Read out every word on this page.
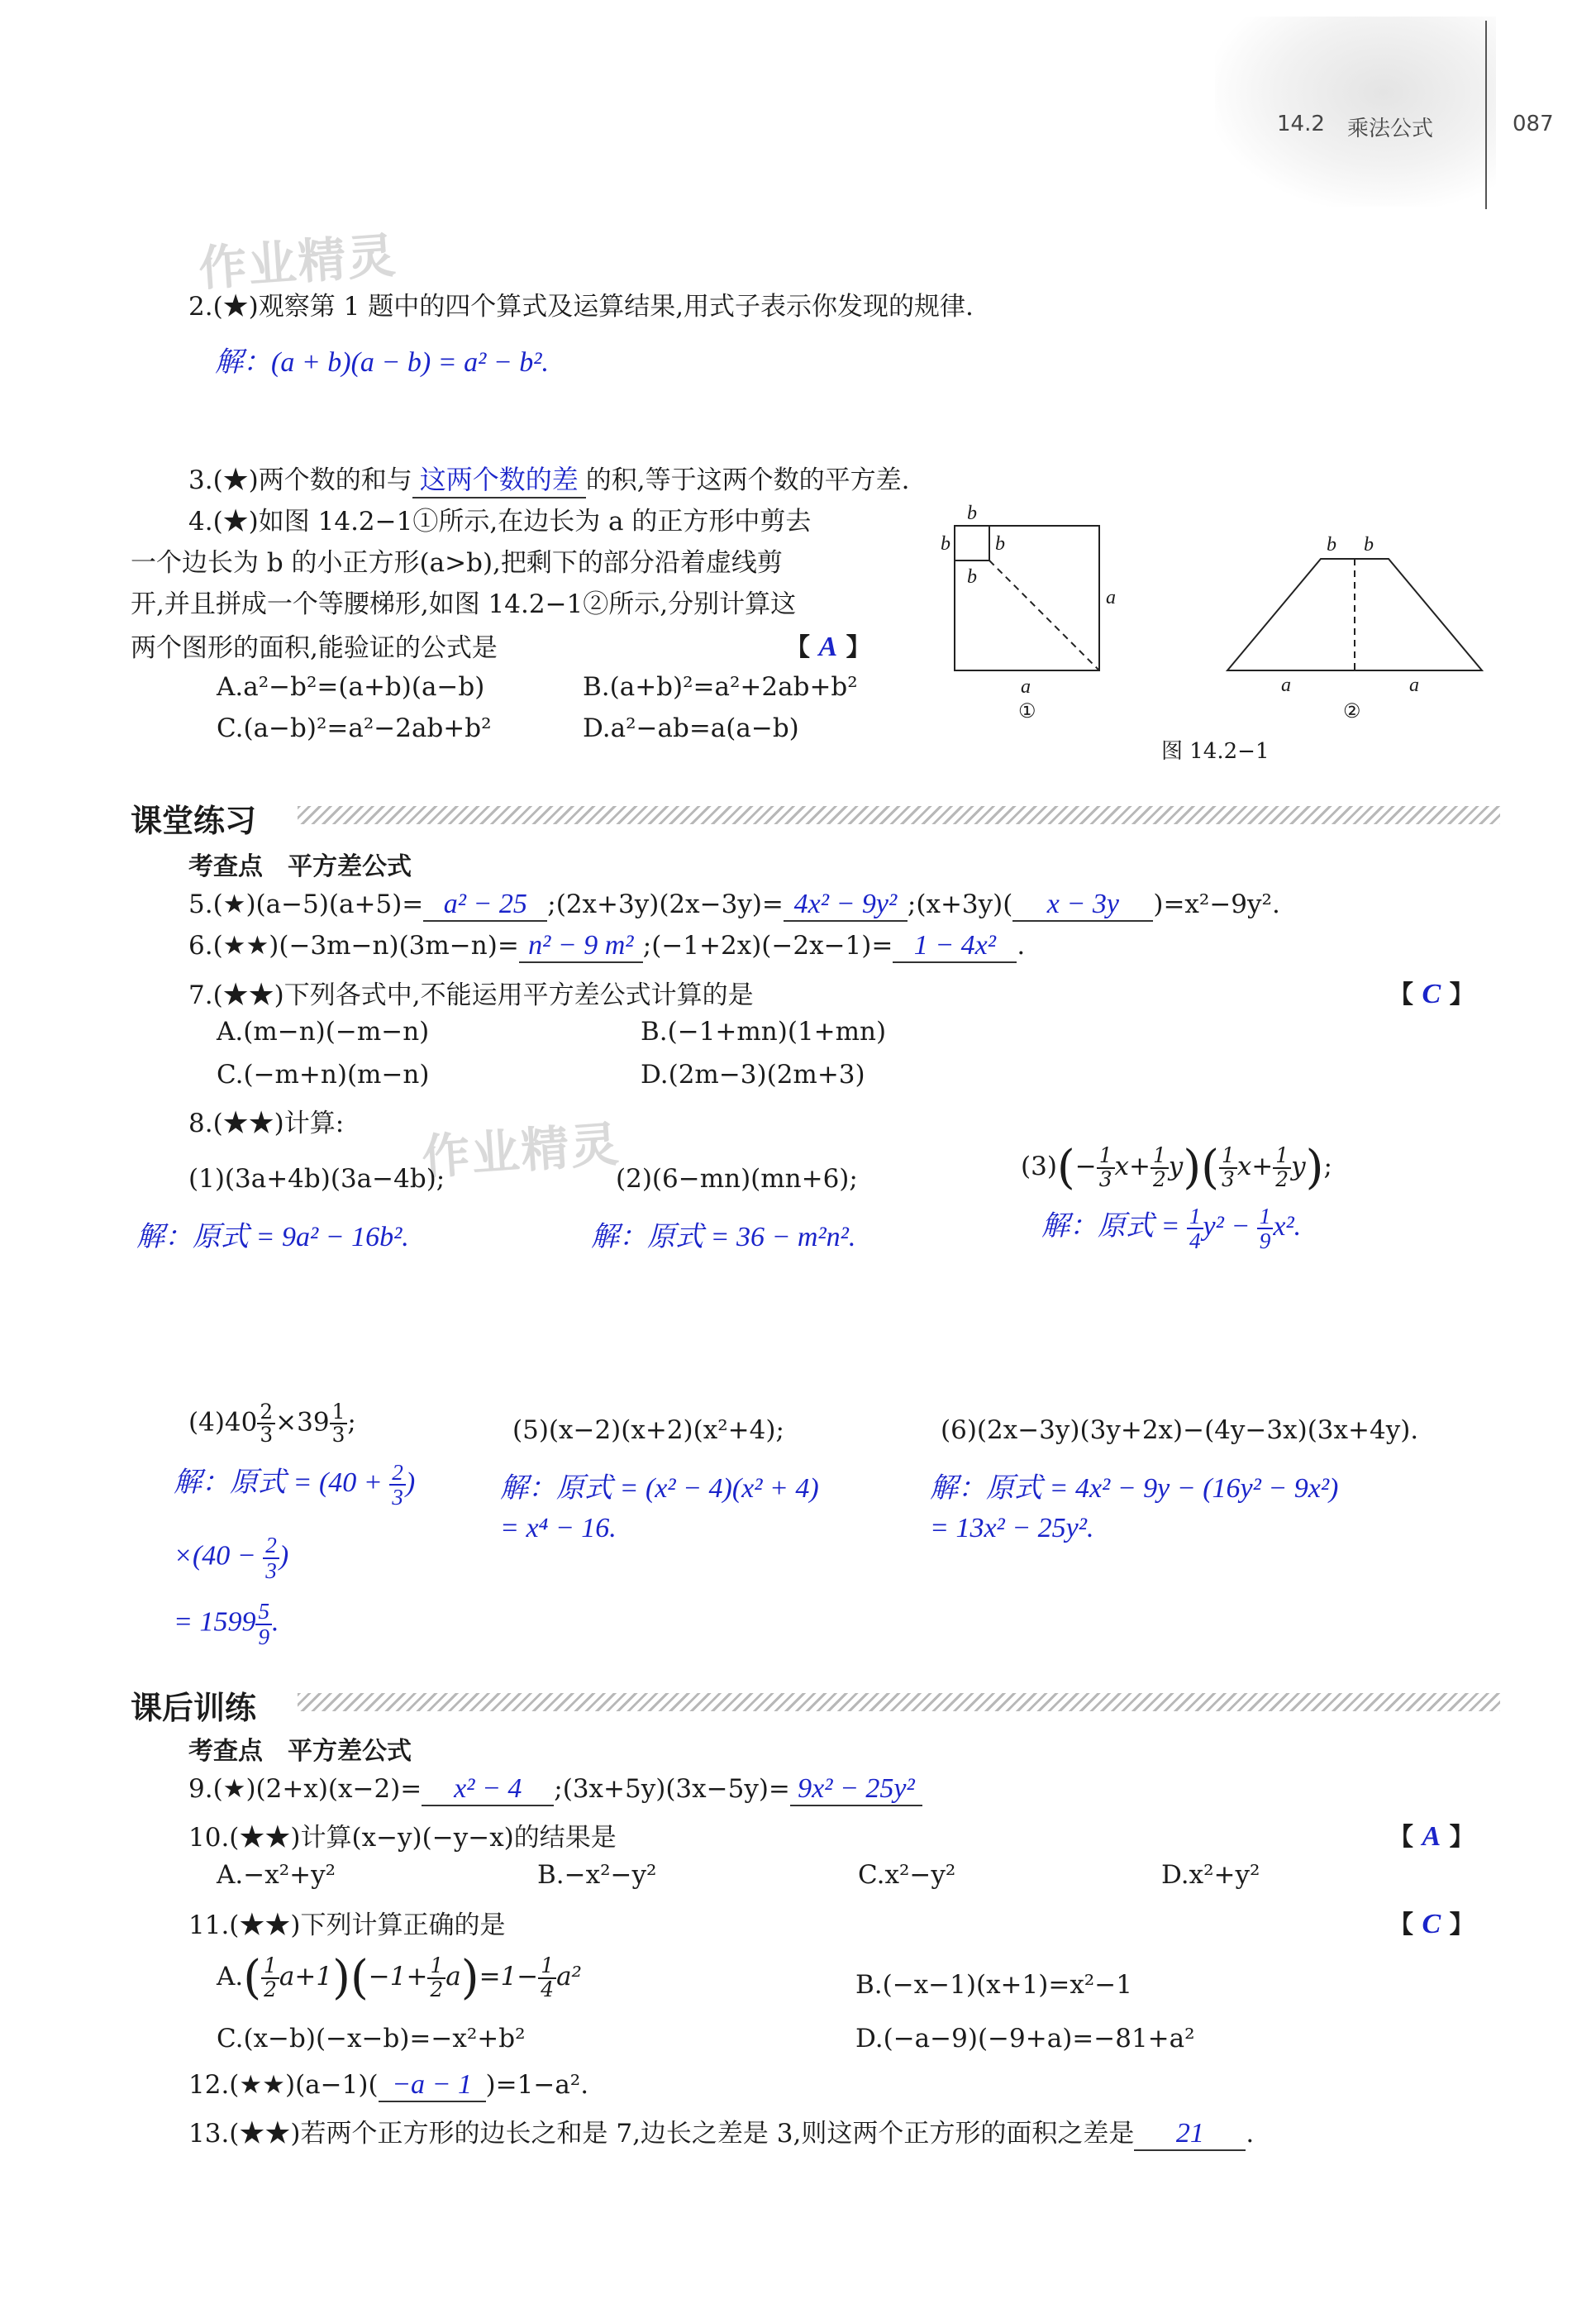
14.2 乘法公式	087
作业精灵
作业精灵
2.(★)观察第 1 题中的四个算式及运算结果,用式子表示你发现的规律.
解：(a + b)(a − b) = a² − b².
3.(★)两个数的和与 这两个数的差 的积,等于这两个数的平方差.
4.(★)如图 14.2−1①所示,在边长为 a 的正方形中剪去
一个边长为 b 的小正方形(a>b),把剩下的部分沿着虚线剪
开,并且拼成一个等腰梯形,如图 14.2−1②所示,分别计算这
两个图形的面积,能验证的公式是	【 A 】
A.a²−b²=(a+b)(a−b)	B.(a+b)²=a²+2ab+b²
C.(a−b)²=a²−2ab+b²	D.a²−ab=a(a−b)
b
b b
b
a
a
①
b b
a	a
②
图 14.2−1
课堂练习
考查点　平方差公式
5.(★)(a−5)(a+5)= a² − 25 ;(2x+3y)(2x−3y)= 4x² − 9y² ;(x+3y)( x − 3y )=x²−9y².
6.(★★)(−3m−n)(3m−n)= n² − 9 m² ;(−1+2x)(−2x−1)= 1 − 4x² .
7.(★★)下列各式中,不能运用平方差公式计算的是	【 C 】
A.(m−n)(−m−n)	B.(−1+mn)(1+mn)
C.(−m+n)(m−n)	D.(2m−3)(2m+3)
8.(★★)计算:
(1)(3a+4b)(3a−4b);
解：原式 = 9a² − 16b².
(2)(6−mn)(mn+6);
解：原式 = 36 − m²n².
$(3)(- \frac{1}{3} x+ \frac{1}{2} y)( \frac{1}{3} x+ \frac{1}{2} y)$;
解：原式 = $\frac{1}{4} y^2 - \frac{1}{9} x^2$.
$(4)40 \frac{2}{3} \times 39 \frac{1}{3}$ ;
解：原式 = ($40 + \frac{2}{3}$ )
$\times(40 - \frac{2}{3}$ )
= $1599 \frac{5}{9}$ .
(5)(x−2)(x+2)(x²+4);
解：原式 = (x² − 4)(x² + 4)
= x⁴ − 16.
(6)(2x−3y)(3y+2x)−(4y−3x)(3x+4y).
解：原式 = 4x² − 9y − (16y² − 9x²)
= 13x² − 25y².
课后训练
考查点　平方差公式
9.(★)(2+x)(x−2)= x² − 4 ;(3x+5y)(3x−5y)= 9x² − 25y²
10.(★★)计算(x−y)(−y−x)的结果是	【 A 】
A.−x²+y²	B.−x²−y²	C.x²−y²	D.x²+y²
11.(★★)下列计算正确的是	【 C 】
$A.( \frac{1}{2} a+1)(-1+ \frac{1}{2} a)=1- \frac{1}{4} a^2$	B.(−x−1)(x+1)=x²−1
C.(x−b)(−x−b)=−x²+b²	D.(−a−9)(−9+a)=−81+a²
12.(★★)(a−1)( −a − 1 )=1−a².
13.(★★)若两个正方形的边长之和是 7,边长之差是 3,则这两个正方形的面积之差是 21 .
